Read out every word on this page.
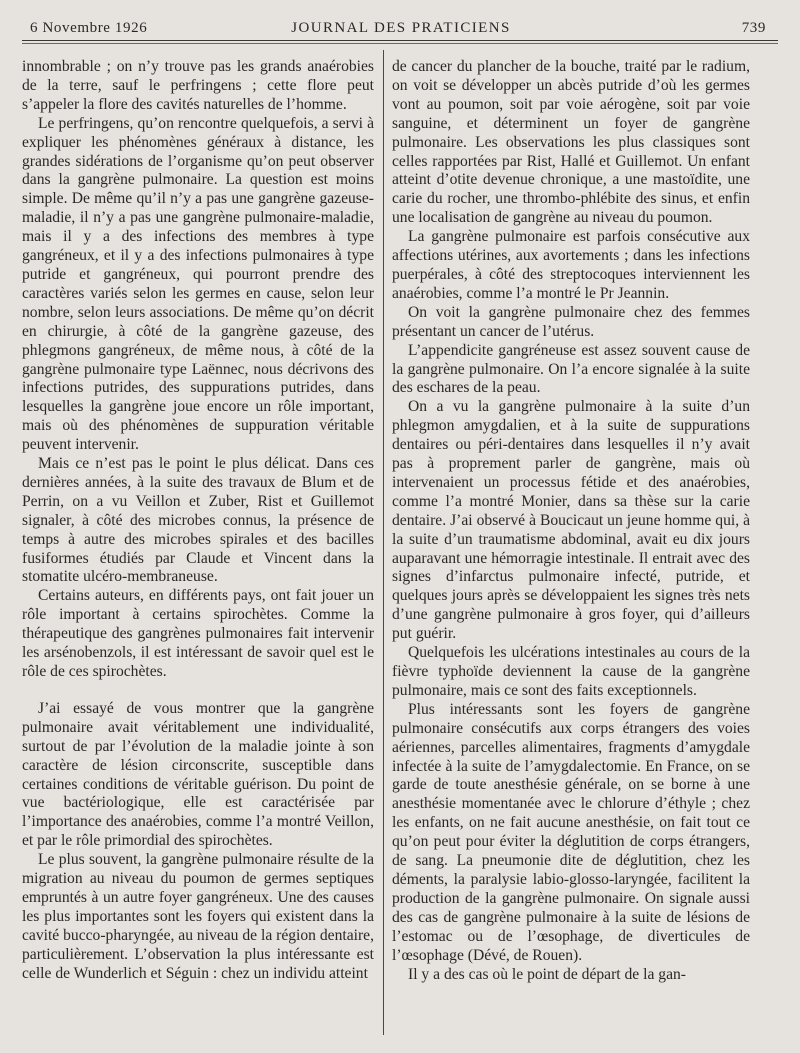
6 Novembre 1926	JOURNAL DES PRATICIENS	739

innombrable ; on n’y trouve pas les grands anaérobies de la terre, sauf le perfringens ; cette flore peut s’appeler la flore des cavités naturelles de l’homme.

Le perfringens, qu’on rencontre quelquefois, a servi à expliquer les phénomènes généraux à distance, les grandes sidérations de l’organisme qu’on peut observer dans la gangrène pulmonaire. La question est moins simple. De même qu’il n’y a pas une gangrène gazeuse-maladie, il n’y a pas une gangrène pulmonaire-maladie, mais il y a des infections des membres à type gangréneux, et il y a des infections pulmonaires à type putride et gangréneux, qui pourront prendre des caractères variés selon les germes en cause, selon leur nombre, selon leurs associations. De même qu’on décrit en chirurgie, à côté de la gangrène gazeuse, des phlegmons gangréneux, de même nous, à côté de la gangrène pulmonaire type Laënnec, nous décrivons des infections putrides, des suppurations putrides, dans lesquelles la gangrène joue encore un rôle important, mais où des phénomènes de suppuration véritable peuvent intervenir.

Mais ce n’est pas le point le plus délicat. Dans ces dernières années, à la suite des travaux de Blum et de Perrin, on a vu Veillon et Zuber, Rist et Guillemot signaler, à côté des microbes connus, la présence de temps à autre des microbes spirales et des bacilles fusiformes étudiés par Claude et Vincent dans la stomatite ulcéro-membraneuse.

Certains auteurs, en différents pays, ont fait jouer un rôle important à certains spirochètes. Comme la thérapeutique des gangrènes pulmonaires fait intervenir les arsénobenzols, il est intéressant de savoir quel est le rôle de ces spirochètes.

J’ai essayé de vous montrer que la gangrène pulmonaire avait véritablement une individualité, surtout de par l’évolution de la maladie jointe à son caractère de lésion circonscrite, susceptible dans certaines conditions de véritable guérison. Du point de vue bactériologique, elle est caractérisée par l’importance des anaérobies, comme l’a montré Veillon, et par le rôle primordial des spirochètes.

Le plus souvent, la gangrène pulmonaire résulte de la migration au niveau du poumon de germes septiques empruntés à un autre foyer gangréneux. Une des causes les plus importantes sont les foyers qui existent dans la cavité bucco-pharyngée, au niveau de la région dentaire, particulièrement. L’observation la plus intéressante est celle de Wunderlich et Séguin : chez un individu atteint

de cancer du plancher de la bouche, traité par le radium, on voit se développer un abcès putride d’où les germes vont au poumon, soit par voie aérogène, soit par voie sanguine, et déterminent un foyer de gangrène pulmonaire. Les observations les plus classiques sont celles rapportées par Rist, Hallé et Guillemot. Un enfant atteint d’otite devenue chronique, a une mastoïdite, une carie du rocher, une thrombo-phlébite des sinus, et enfin une localisation de gangrène au niveau du poumon.

La gangrène pulmonaire est parfois consécutive aux affections utérines, aux avortements ; dans les infections puerpérales, à côté des streptocoques interviennent les anaérobies, comme l’a montré le Pr Jeannin.

On voit la gangrène pulmonaire chez des femmes présentant un cancer de l’utérus.

L’appendicite gangréneuse est assez souvent cause de la gangrène pulmonaire. On l’a encore signalée à la suite des eschares de la peau.

On a vu la gangrène pulmonaire à la suite d’un phlegmon amygdalien, et à la suite de suppurations dentaires ou péri-dentaires dans lesquelles il n’y avait pas à proprement parler de gangrène, mais où intervenaient un processus fétide et des anaérobies, comme l’a montré Monier, dans sa thèse sur la carie dentaire. J’ai observé à Boucicaut un jeune homme qui, à la suite d’un traumatisme abdominal, avait eu dix jours auparavant une hémorragie intestinale. Il entrait avec des signes d’infarctus pulmonaire infecté, putride, et quelques jours après se développaient les signes très nets d’une gangrène pulmonaire à gros foyer, qui d’ailleurs put guérir.

Quelquefois les ulcérations intestinales au cours de la fièvre typhoïde deviennent la cause de la gangrène pulmonaire, mais ce sont des faits exceptionnels.

Plus intéressants sont les foyers de gangrène pulmonaire consécutifs aux corps étrangers des voies aériennes, parcelles alimentaires, fragments d’amygdale infectée à la suite de l’amygdalectomie. En France, on se garde de toute anesthésie générale, on se borne à une anesthésie momentanée avec le chlorure d’éthyle ; chez les enfants, on ne fait aucune anesthésie, on fait tout ce qu’on peut pour éviter la déglutition de corps étrangers, de sang. La pneumonie dite de déglutition, chez les déments, la paralysie labio-glosso-laryngée, facilitent la production de la gangrène pulmonaire. On signale aussi des cas de gangrène pulmonaire à la suite de lésions de l’estomac ou de l’œsophage, de diverticules de l’œsophage (Dévé, de Rouen).

Il y a des cas où le point de départ de la gan-
